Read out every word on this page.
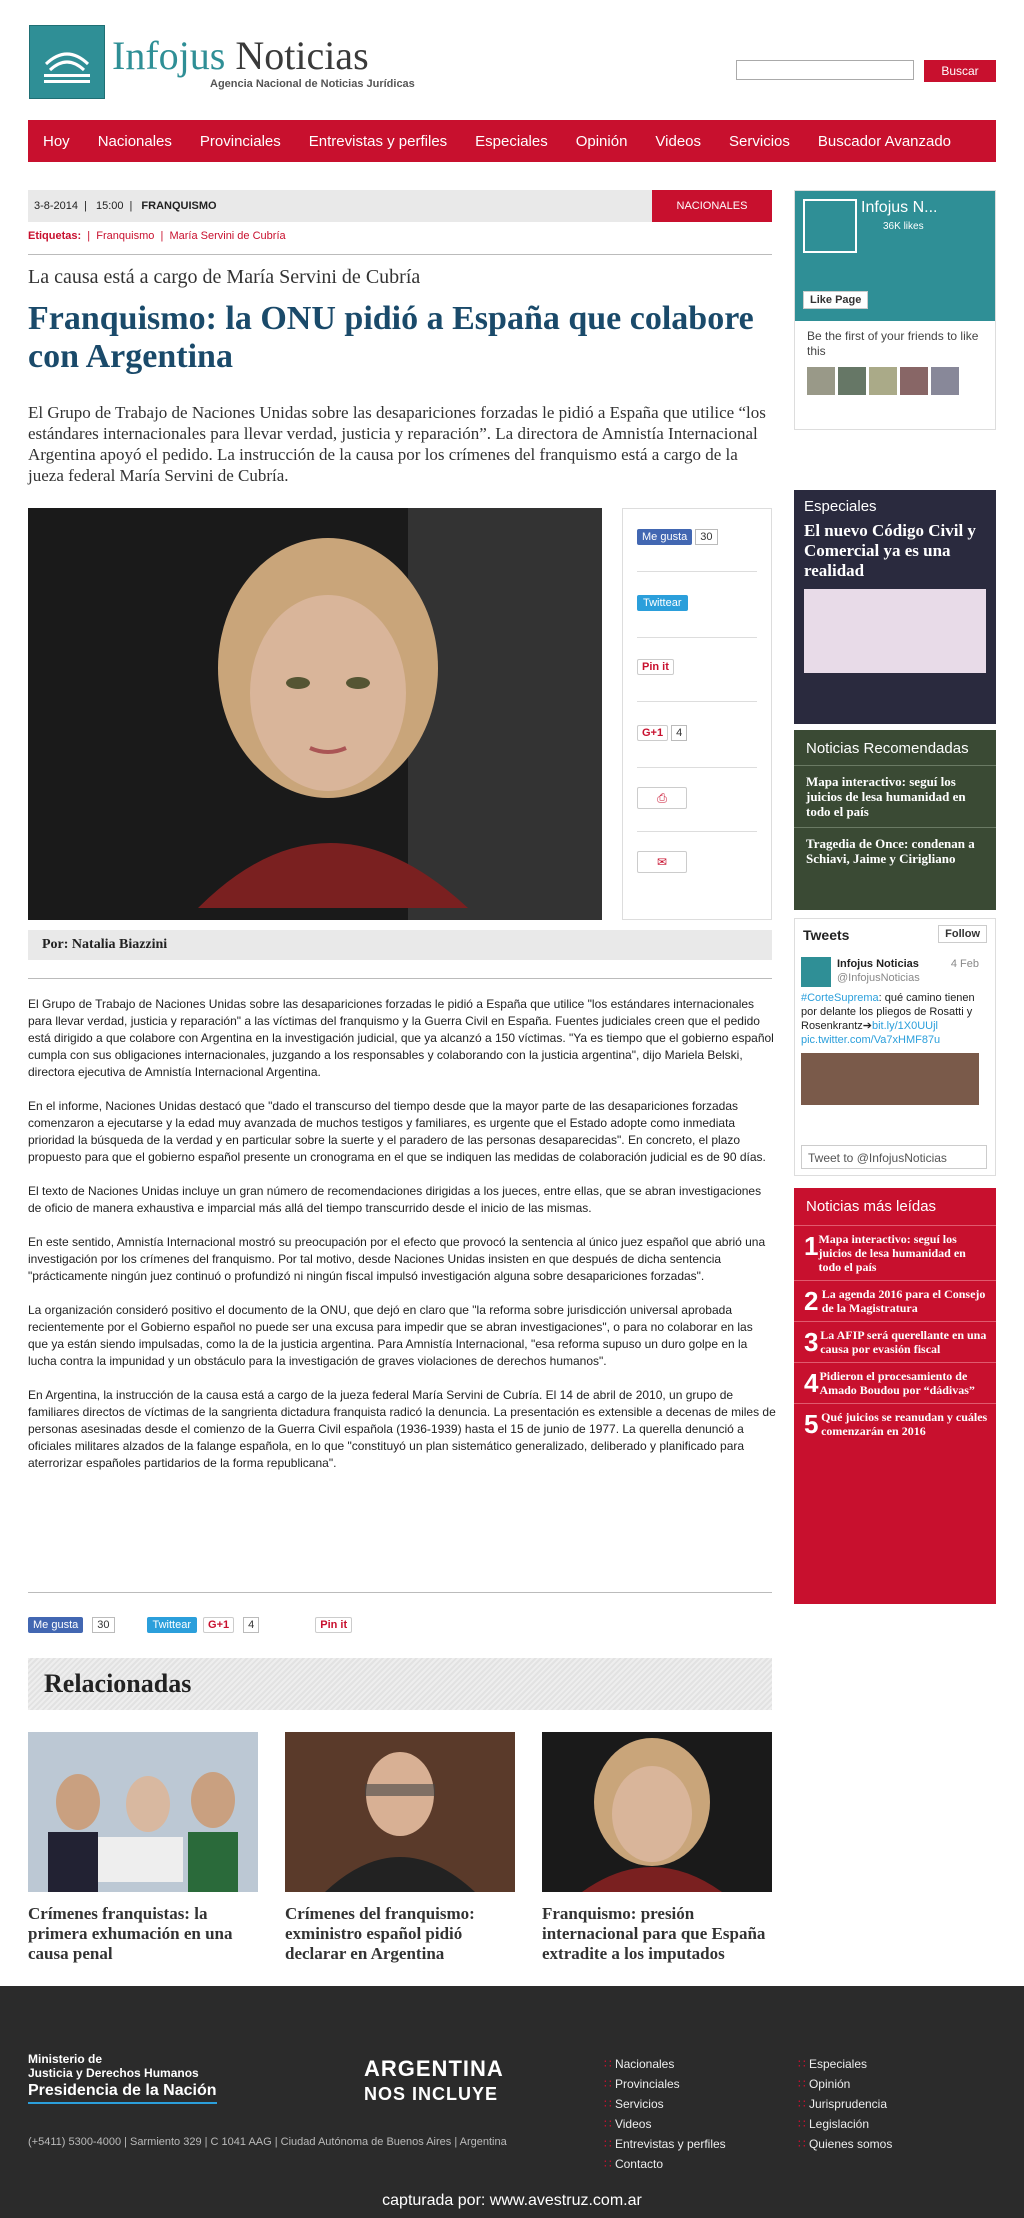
Infojus Noticias
Agencia Nacional de Noticias Jurídicas
Buscar
Hoy	Nacionales	Provinciales	Entrevistas y perfiles	Especiales	Opinión	Videos	Servicios	Buscador Avanzado
3-8-2014 | 15:00 | FRANQUISMO	NACIONALES
Etiquetas:  |  Franquismo  |  María Servini de Cubría
La causa está a cargo de María Servini de Cubría
Franquismo: la ONU pidió a España que colabore con Argentina

El Grupo de Trabajo de Naciones Unidas sobre las desapariciones forzadas le pidió a España que utilice “los estándares internacionales para llevar verdad, justicia y reparación”. La directora de Amnistía Internacional Argentina apoyó el pedido. La instrucción de la causa por los crímenes del franquismo está a cargo de la jueza federal María Servini de Cubría.

Me gusta 30
Twittear
Pin it
G+1 4
⎙
✉
Por: Natalia Biazzini

El Grupo de Trabajo de Naciones Unidas sobre las desapariciones forzadas le pidió a España que utilice "los estándares internacionales para llevar verdad, justicia y reparación" a las víctimas del franquismo y la Guerra Civil en España. Fuentes judiciales creen que el pedido está dirigido a que colabore con Argentina en la investigación judicial, que ya alcanzó a 150 víctimas. "Ya es tiempo que el gobierno español cumpla con sus obligaciones internacionales, juzgando a los responsables y colaborando con la justicia argentina", dijo Mariela Belski, directora ejecutiva de Amnistía Internacional Argentina.

En el informe, Naciones Unidas destacó que "dado el transcurso del tiempo desde que la mayor parte de las desapariciones forzadas comenzaron a ejecutarse y la edad muy avanzada de muchos testigos y familiares, es urgente que el Estado adopte como inmediata prioridad la búsqueda de la verdad y en particular sobre la suerte y el paradero de las personas desaparecidas". En concreto, el plazo propuesto para que el gobierno español presente un cronograma en el que se indiquen las medidas de colaboración judicial es de 90 días.

El texto de Naciones Unidas incluye un gran número de recomendaciones dirigidas a los jueces, entre ellas, que se abran investigaciones de oficio de manera exhaustiva e imparcial más allá del tiempo transcurrido desde el inicio de las mismas.

En este sentido, Amnistía Internacional mostró su preocupación por el efecto que provocó la sentencia al único juez español que abrió una investigación por los crímenes del franquismo. Por tal motivo, desde Naciones Unidas insisten en que después de dicha sentencia "prácticamente ningún juez continuó o profundizó ni ningún fiscal impulsó investigación alguna sobre desapariciones forzadas".

La organización consideró positivo el documento de la ONU, que dejó en claro que "la reforma sobre jurisdicción universal aprobada recientemente por el Gobierno español no puede ser una excusa para impedir que se abran investigaciones", o para no colaborar en las que ya están siendo impulsadas, como la de la justicia argentina. Para Amnistía Internacional, "esa reforma supuso un duro golpe en la lucha contra la impunidad y un obstáculo para la investigación de graves violaciones de derechos humanos".

En Argentina, la instrucción de la causa está a cargo de la jueza federal María Servini de Cubría. El 14 de abril de 2010, un grupo de familiares directos de víctimas de la sangrienta dictadura franquista radicó la denuncia. La presentación es extensible a decenas de miles de personas asesinadas desde el comienzo de la Guerra Civil española (1936-1939) hasta el 15 de junio de 1977. La querella denunció a oficiales militares alzados de la falange española, en lo que "constituyó un plan sistemático generalizado, deliberado y planificado para aterrorizar españoles partidarios de la forma republicana".

Me gusta	30	Twittear	G+1	4	Pin it
Relacionadas
Crímenes franquistas: la primera exhumación en una causa penal
Crímenes del franquismo: exministro español pidió declarar en Argentina
Franquismo: presión internacional para que España extradite a los imputados
Infojus N...
36K likes
Like Page
Be the first of your friends to like this
Especiales
El nuevo Código Civil y Comercial ya es una realidad
Noticias Recomendadas
Mapa interactivo: seguí los juicios de lesa humanidad en todo el país
Tragedia de Once: condenan a Schiavi, Jaime y Cirigliano
Tweets	Follow
Infojus Noticias
@InfojusNoticias
4 Feb
#CorteSuprema: qué camino tienen por delante los pliegos de Rosatti y Rosenkrantz➔bit.ly/1X0UUjl
pic.twitter.com/Va7xHMF87u
Tweet to @InfojusNoticias
Noticias más leídas
1 Mapa interactivo: seguí los juicios de lesa humanidad en todo el país
2 La agenda 2016 para el Consejo de la Magistratura
3 La AFIP será querellante en una causa por evasión fiscal
4 Pidieron el procesamiento de Amado Boudou por “dádivas”
5 Qué juicios se reanudan y cuáles comenzarán en 2016
Ministerio de
Justicia y Derechos Humanos
Presidencia de la Nación
ARGENTINA
NOS INCLUYE
(+5411) 5300-4000 | Sarmiento 329 | C 1041 AAG | Ciudad Autónoma de Buenos Aires | Argentina
∷ Nacionales
∷ Provinciales
∷ Servicios
∷ Videos
∷ Entrevistas y perfiles
∷ Contacto
∷ Especiales
∷ Opinión
∷ Jurisprudencia
∷ Legislación
∷ Quienes somos
capturada por: www.avestruz.com.ar
